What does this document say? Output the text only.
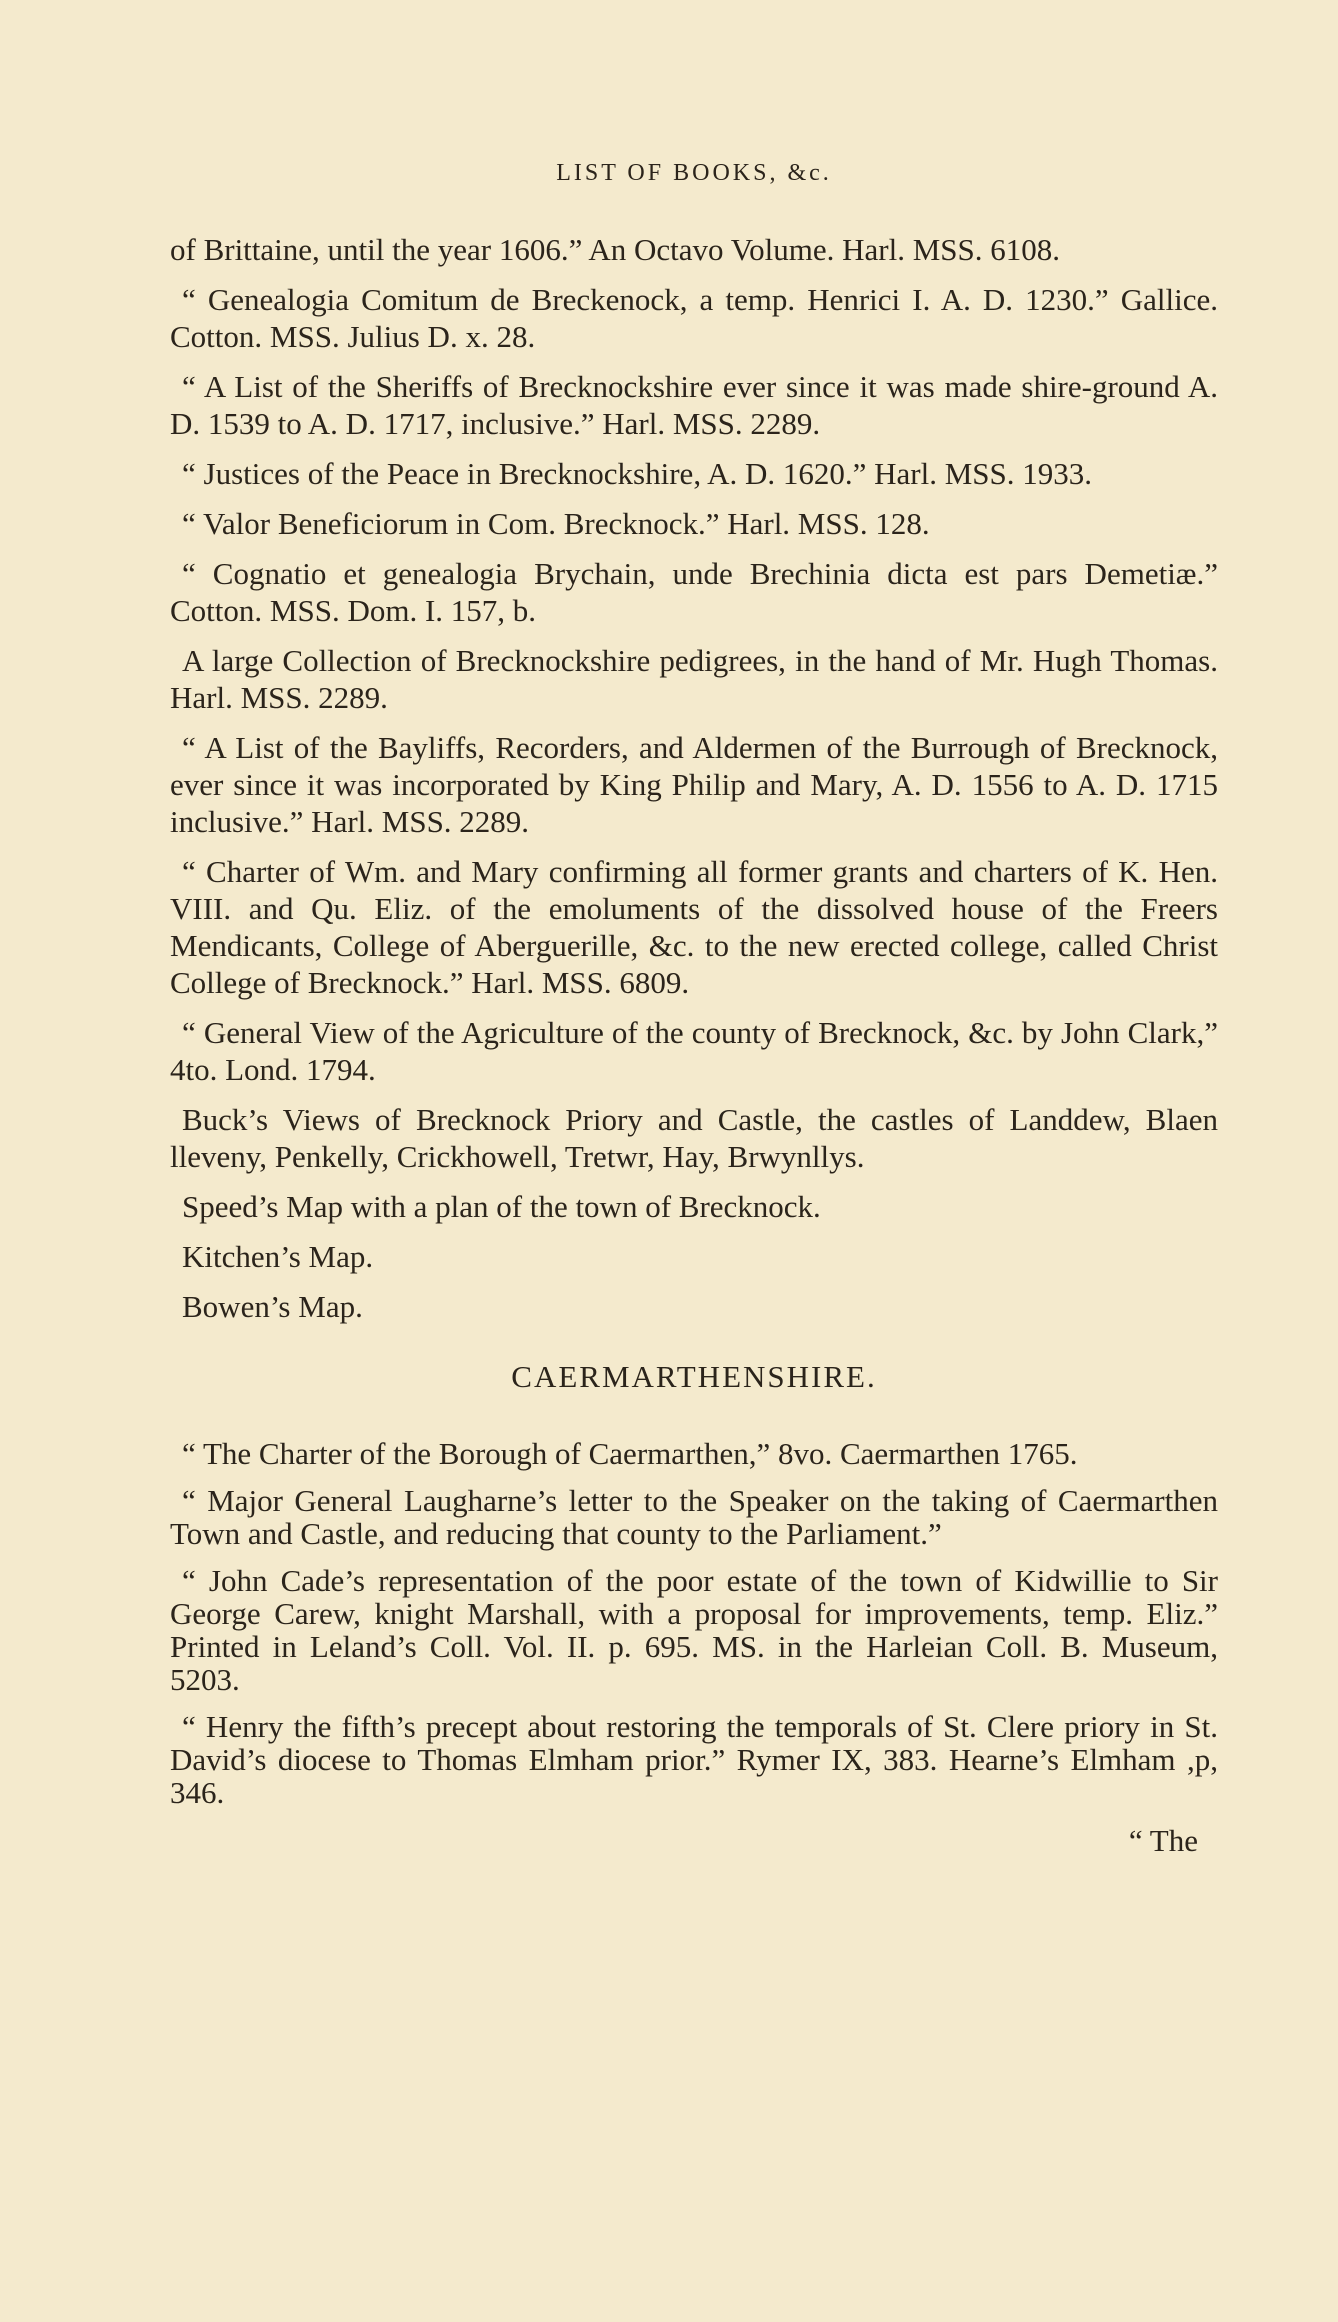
LIST OF BOOKS, &c.

of Brittaine, until the year 1606.” An Octavo Volume. Harl. MSS. 6108.

“ Genealogia Comitum de Breckenock, a temp. Henrici I. A. D. 1230.” Gallice. Cotton. MSS. Julius D. x. 28.

“ A List of the Sheriffs of Brecknockshire ever since it was made shire-ground A. D. 1539 to A. D. 1717, inclusive.” Harl. MSS. 2289.

“ Justices of the Peace in Brecknockshire, A. D. 1620.” Harl. MSS. 1933.

“ Valor Beneficiorum in Com. Brecknock.” Harl. MSS. 128.

“ Cognatio et genealogia Brychain, unde Brechinia dicta est pars Demetiæ.” Cotton. MSS. Dom. I. 157, b.

A large Collection of Brecknockshire pedigrees, in the hand of Mr. Hugh Thomas. Harl. MSS. 2289.

“ A List of the Bayliffs, Recorders, and Aldermen of the Burrough of Brecknock, ever since it was incorporated by King Philip and Mary, A. D. 1556 to A. D. 1715 inclusive.” Harl. MSS. 2289.

“ Charter of Wm. and Mary confirming all former grants and charters of K. Hen. VIII. and Qu. Eliz. of the emoluments of the dissolved house of the Freers Mendicants, College of Aberguerille, &c. to the new erected college, called Christ College of Brecknock.” Harl. MSS. 6809.

“ General View of the Agriculture of the county of Brecknock, &c. by John Clark,” 4to. Lond. 1794.

Buck’s Views of Brecknock Priory and Castle, the castles of Landdew, Blaen lleveny, Penkelly, Crickhowell, Tretwr, Hay, Brwynllys.

Speed’s Map with a plan of the town of Brecknock.

Kitchen’s Map.

Bowen’s Map.

CAERMARTHENSHIRE.

“ The Charter of the Borough of Caermarthen,” 8vo. Caermarthen 1765.

“ Major General Laugharne’s letter to the Speaker on the taking of Caermarthen Town and Castle, and reducing that county to the Parliament.”

“ John Cade’s representation of the poor estate of the town of Kidwillie to Sir George Carew, knight Marshall, with a proposal for improvements, temp. Eliz.” Printed in Leland’s Coll. Vol. II. p. 695. MS. in the Harleian Coll. B. Museum, 5203.

“ Henry the fifth’s precept about restoring the temporals of St. Clere priory in St. David’s diocese to Thomas Elmham prior.” Rymer IX, 383. Hearne’s Elmham ,p, 346.

“ The
